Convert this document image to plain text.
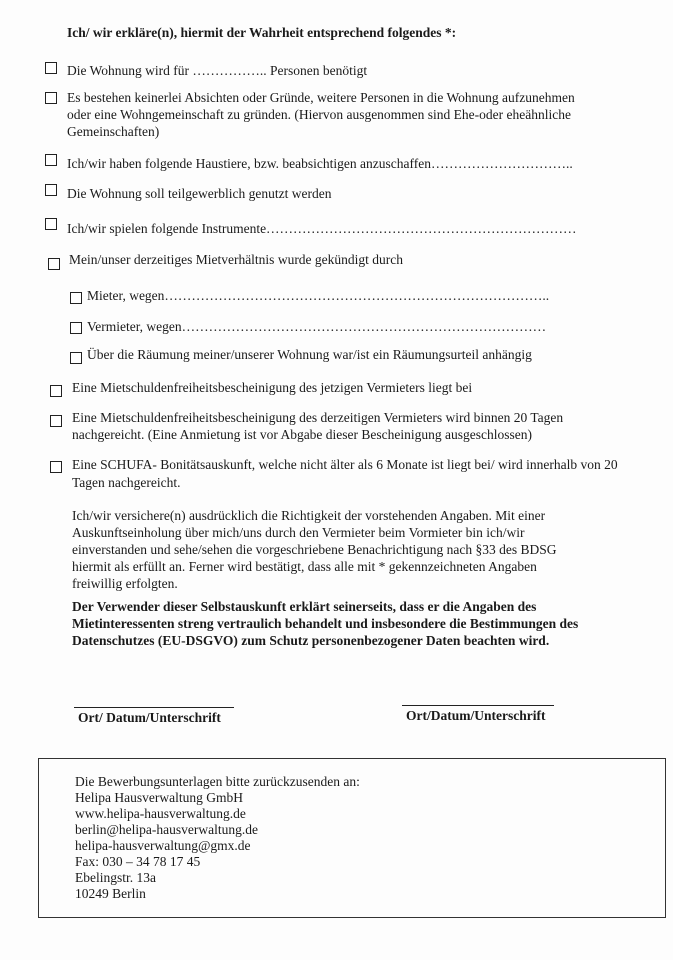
Ich/ wir erkläre(n), hiermit der Wahrheit entsprechend folgendes *:
Die Wohnung wird für …………….. Personen benötigt
Es bestehen keinerlei Absichten oder Gründe, weitere Personen in die Wohnung aufzunehmen
oder eine Wohngemeinschaft zu gründen. (Hiervon ausgenommen sind Ehe-oder eheähnliche
Gemeinschaften)
Ich/wir haben folgende Haustiere, bzw. beabsichtigen anzuschaffen…………………………..
Die Wohnung soll teilgewerblich genutzt werden
Ich/wir spielen folgende Instrumente……………………………………………………………
Mein/unser derzeitiges Mietverhältnis wurde gekündigt durch
Mieter, wegen…………………………………………………………………………..
Vermieter, wegen………………………………………………………………………
Über die Räumung meiner/unserer Wohnung war/ist ein Räumungsurteil anhängig
Eine Mietschuldenfreiheitsbescheinigung des jetzigen Vermieters liegt bei
Eine Mietschuldenfreiheitsbescheinigung des derzeitigen Vermieters wird binnen 20 Tagen
nachgereicht. (Eine Anmietung ist vor Abgabe dieser Bescheinigung ausgeschlossen)
Eine SCHUFA- Bonitätsauskunft, welche nicht älter als 6 Monate ist liegt bei/ wird innerhalb von 20
Tagen nachgereicht.
Ich/wir versichere(n) ausdrücklich die Richtigkeit der vorstehenden Angaben. Mit einer
Auskunftseinholung über mich/uns durch den Vermieter beim Vormieter bin ich/wir
einverstanden und sehe/sehen die vorgeschriebene Benachrichtigung nach §33 des BDSG
hiermit als erfüllt an. Ferner wird bestätigt, dass alle mit * gekennzeichneten Angaben
freiwillig erfolgten.
Der Verwender dieser Selbstauskunft erklärt seinerseits, dass er die Angaben des
Mietinteressenten streng vertraulich behandelt und insbesondere die Bestimmungen des
Datenschutzes (EU-DSGVO) zum Schutz personenbezogener Daten beachten wird.
Ort/ Datum/Unterschrift	Ort/Datum/Unterschrift
Die Bewerbungsunterlagen bitte zurückzusenden an:
Helipa Hausverwaltung GmbH
www.helipa-hausverwaltung.de
berlin@helipa-hausverwaltung.de
helipa-hausverwaltung@gmx.de
Fax: 030 – 34 78 17 45
Ebelingstr. 13a
10249 Berlin
